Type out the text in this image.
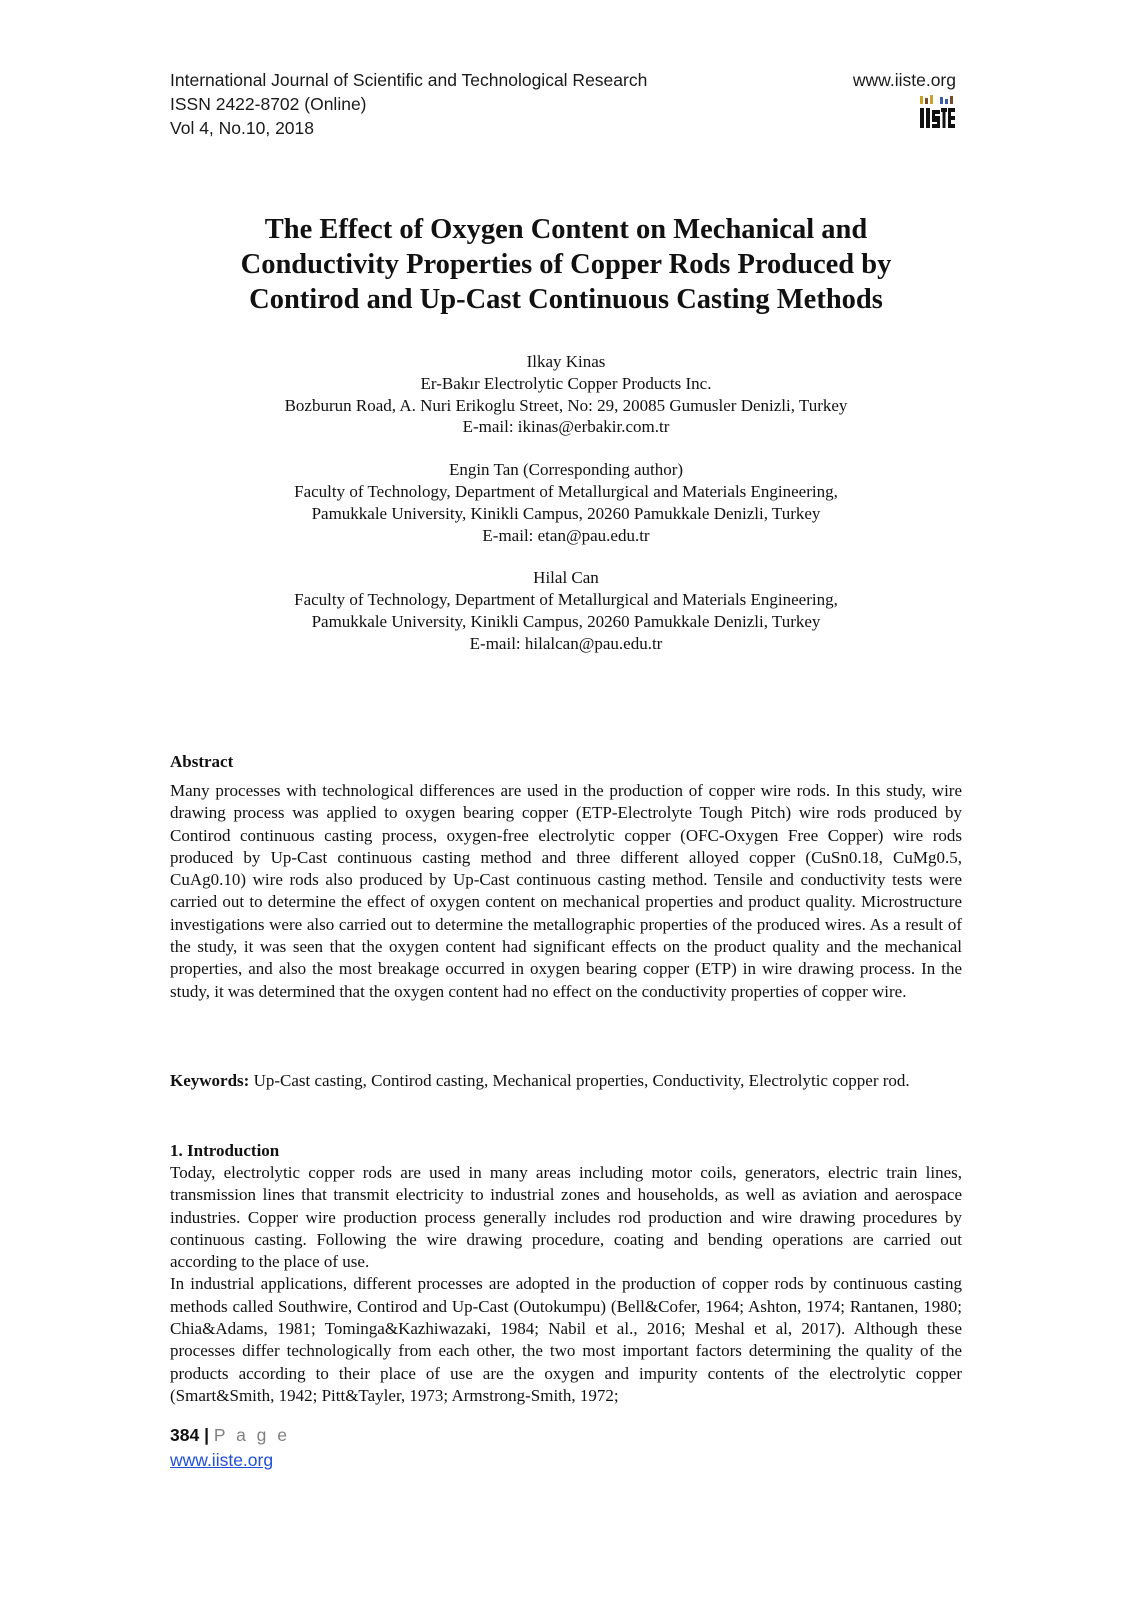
International Journal of Scientific and Technological Research
ISSN 2422-8702 (Online)
Vol 4, No.10, 2018
www.iiste.org
The Effect of Oxygen Content on Mechanical and
Conductivity Properties of Copper Rods Produced by
Contirod and Up-Cast Continuous Casting Methods
Ilkay Kinas
Er-Bakır Electrolytic Copper Products Inc.
Bozburun Road, A. Nuri Erikoglu Street, No: 29, 20085 Gumusler Denizli, Turkey
E-mail: ikinas@erbakir.com.tr
Engin Tan (Corresponding author)
Faculty of Technology, Department of Metallurgical and Materials Engineering,
Pamukkale University, Kinikli Campus, 20260 Pamukkale Denizli, Turkey
E-mail: etan@pau.edu.tr
Hilal Can
Faculty of Technology, Department of Metallurgical and Materials Engineering,
Pamukkale University, Kinikli Campus, 20260 Pamukkale Denizli, Turkey
E-mail: hilalcan@pau.edu.tr
Abstract
Many processes with technological differences are used in the production of copper wire rods. In this study, wire drawing process was applied to oxygen bearing copper (ETP-Electrolyte Tough Pitch) wire rods produced by Contirod continuous casting process, oxygen-free electrolytic copper (OFC-Oxygen Free Copper) wire rods produced by Up-Cast continuous casting method and three different alloyed copper (CuSn0.18, CuMg0.5, CuAg0.10) wire rods also produced by Up-Cast continuous casting method. Tensile and conductivity tests were carried out to determine the effect of oxygen content on mechanical properties and product quality. Microstructure investigations were also carried out to determine the metallographic properties of the produced wires. As a result of the study, it was seen that the oxygen content had significant effects on the product quality and the mechanical properties, and also the most breakage occurred in oxygen bearing copper (ETP) in wire drawing process. In the study, it was determined that the oxygen content had no effect on the conductivity properties of copper wire.
Keywords: Up-Cast casting, Contirod casting, Mechanical properties, Conductivity, Electrolytic copper rod.
1. Introduction

Today, electrolytic copper rods are used in many areas including motor coils, generators, electric train lines, transmission lines that transmit electricity to industrial zones and households, as well as aviation and aerospace industries. Copper wire production process generally includes rod production and wire drawing procedures by continuous casting. Following the wire drawing procedure, coating and bending operations are carried out according to the place of use.

In industrial applications, different processes are adopted in the production of copper rods by continuous casting methods called Southwire, Contirod and Up-Cast (Outokumpu) (Bell&Cofer, 1964; Ashton, 1974; Rantanen, 1980; Chia&Adams, 1981; Tominga&Kazhiwazaki, 1984; Nabil et al., 2016; Meshal et al, 2017). Although these processes differ technologically from each other, the two most important factors determining the quality of the products according to their place of use are the oxygen and impurity contents of the electrolytic copper (Smart&Smith, 1942; Pitt&Tayler, 1973; Armstrong-Smith, 1972;

384 | P a g e
www.iiste.org
